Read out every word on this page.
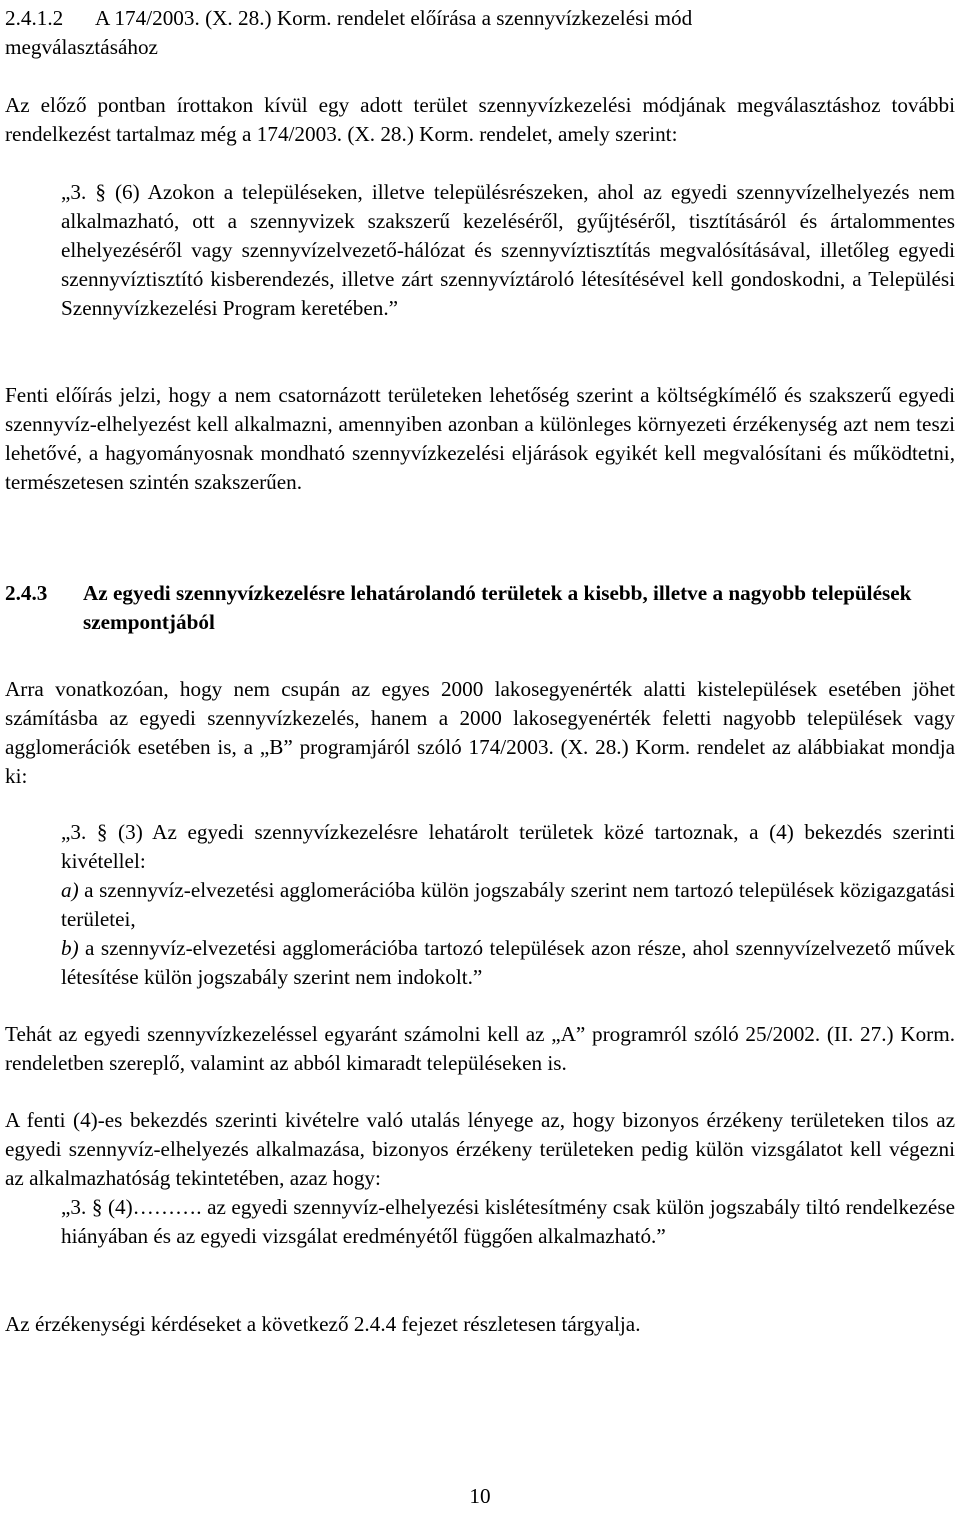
2.4.1.2 A 174/2003. (X. 28.) Korm. rendelet előírása a szennyvízkezelési mód

megválasztásához

Az előző pontban írottakon kívül egy adott terület szennyvízkezelési módjának megválasztáshoz további rendelkezést tartalmaz még a 174/2003. (X. 28.) Korm. rendelet, amely szerint:

„3. § (6) Azokon a településeken, illetve településrészeken, ahol az egyedi szennyvízelhelyezés nem alkalmazható, ott a szennyvizek szakszerű kezeléséről, gyűjtéséről, tisztításáról és ártalommentes elhelyezéséről vagy szennyvízelvezető-hálózat és szennyvíztisztítás megvalósításával, illetőleg egyedi szennyvíztisztító kisberendezés, illetve zárt szennyvíztároló létesítésével kell gondoskodni, a Települési Szennyvízkezelési Program keretében.”

Fenti előírás jelzi, hogy a nem csatornázott területeken lehetőség szerint a költségkímélő és szakszerű egyedi szennyvíz-elhelyezést kell alkalmazni, amennyiben azonban a különleges környezeti érzékenység azt nem teszi lehetővé, a hagyományosnak mondható szennyvízkezelési eljárások egyikét kell megvalósítani és működtetni, természetesen szintén szakszerűen.

2.4.3 Az egyedi szennyvízkezelésre lehatárolandó területek a kisebb, illetve a nagyobb települések szempontjából

Arra vonatkozóan, hogy nem csupán az egyes 2000 lakosegyenérték alatti kistelepülések esetében jöhet számításba az egyedi szennyvízkezelés, hanem a 2000 lakosegyenérték feletti nagyobb települések vagy agglomerációk esetében is, a „B” programjáról szóló 174/2003. (X. 28.) Korm. rendelet az alábbiakat mondja ki:

„3. § (3) Az egyedi szennyvízkezelésre lehatárolt területek közé tartoznak, a (4) bekezdés szerinti kivétellel:

a) a szennyvíz-elvezetési agglomerációba külön jogszabály szerint nem tartozó települések közigazgatási területei,

b) a szennyvíz-elvezetési agglomerációba tartozó települések azon része, ahol szennyvízelvezető művek létesítése külön jogszabály szerint nem indokolt.”

Tehát az egyedi szennyvízkezeléssel egyaránt számolni kell az „A” programról szóló 25/2002. (II. 27.) Korm. rendeletben szereplő, valamint az abból kimaradt településeken is.

A fenti (4)-es bekezdés szerinti kivételre való utalás lényege az, hogy bizonyos érzékeny területeken tilos az egyedi szennyvíz-elhelyezés alkalmazása, bizonyos érzékeny területeken pedig külön vizsgálatot kell végezni az alkalmazhatóság tekintetében, azaz hogy:

„3. § (4)………. az egyedi szennyvíz-elhelyezési kislétesítmény csak külön jogszabály tiltó rendelkezése hiányában és az egyedi vizsgálat eredményétől függően alkalmazható.”

Az érzékenységi kérdéseket a következő 2.4.4 fejezet részletesen tárgyalja.

10
